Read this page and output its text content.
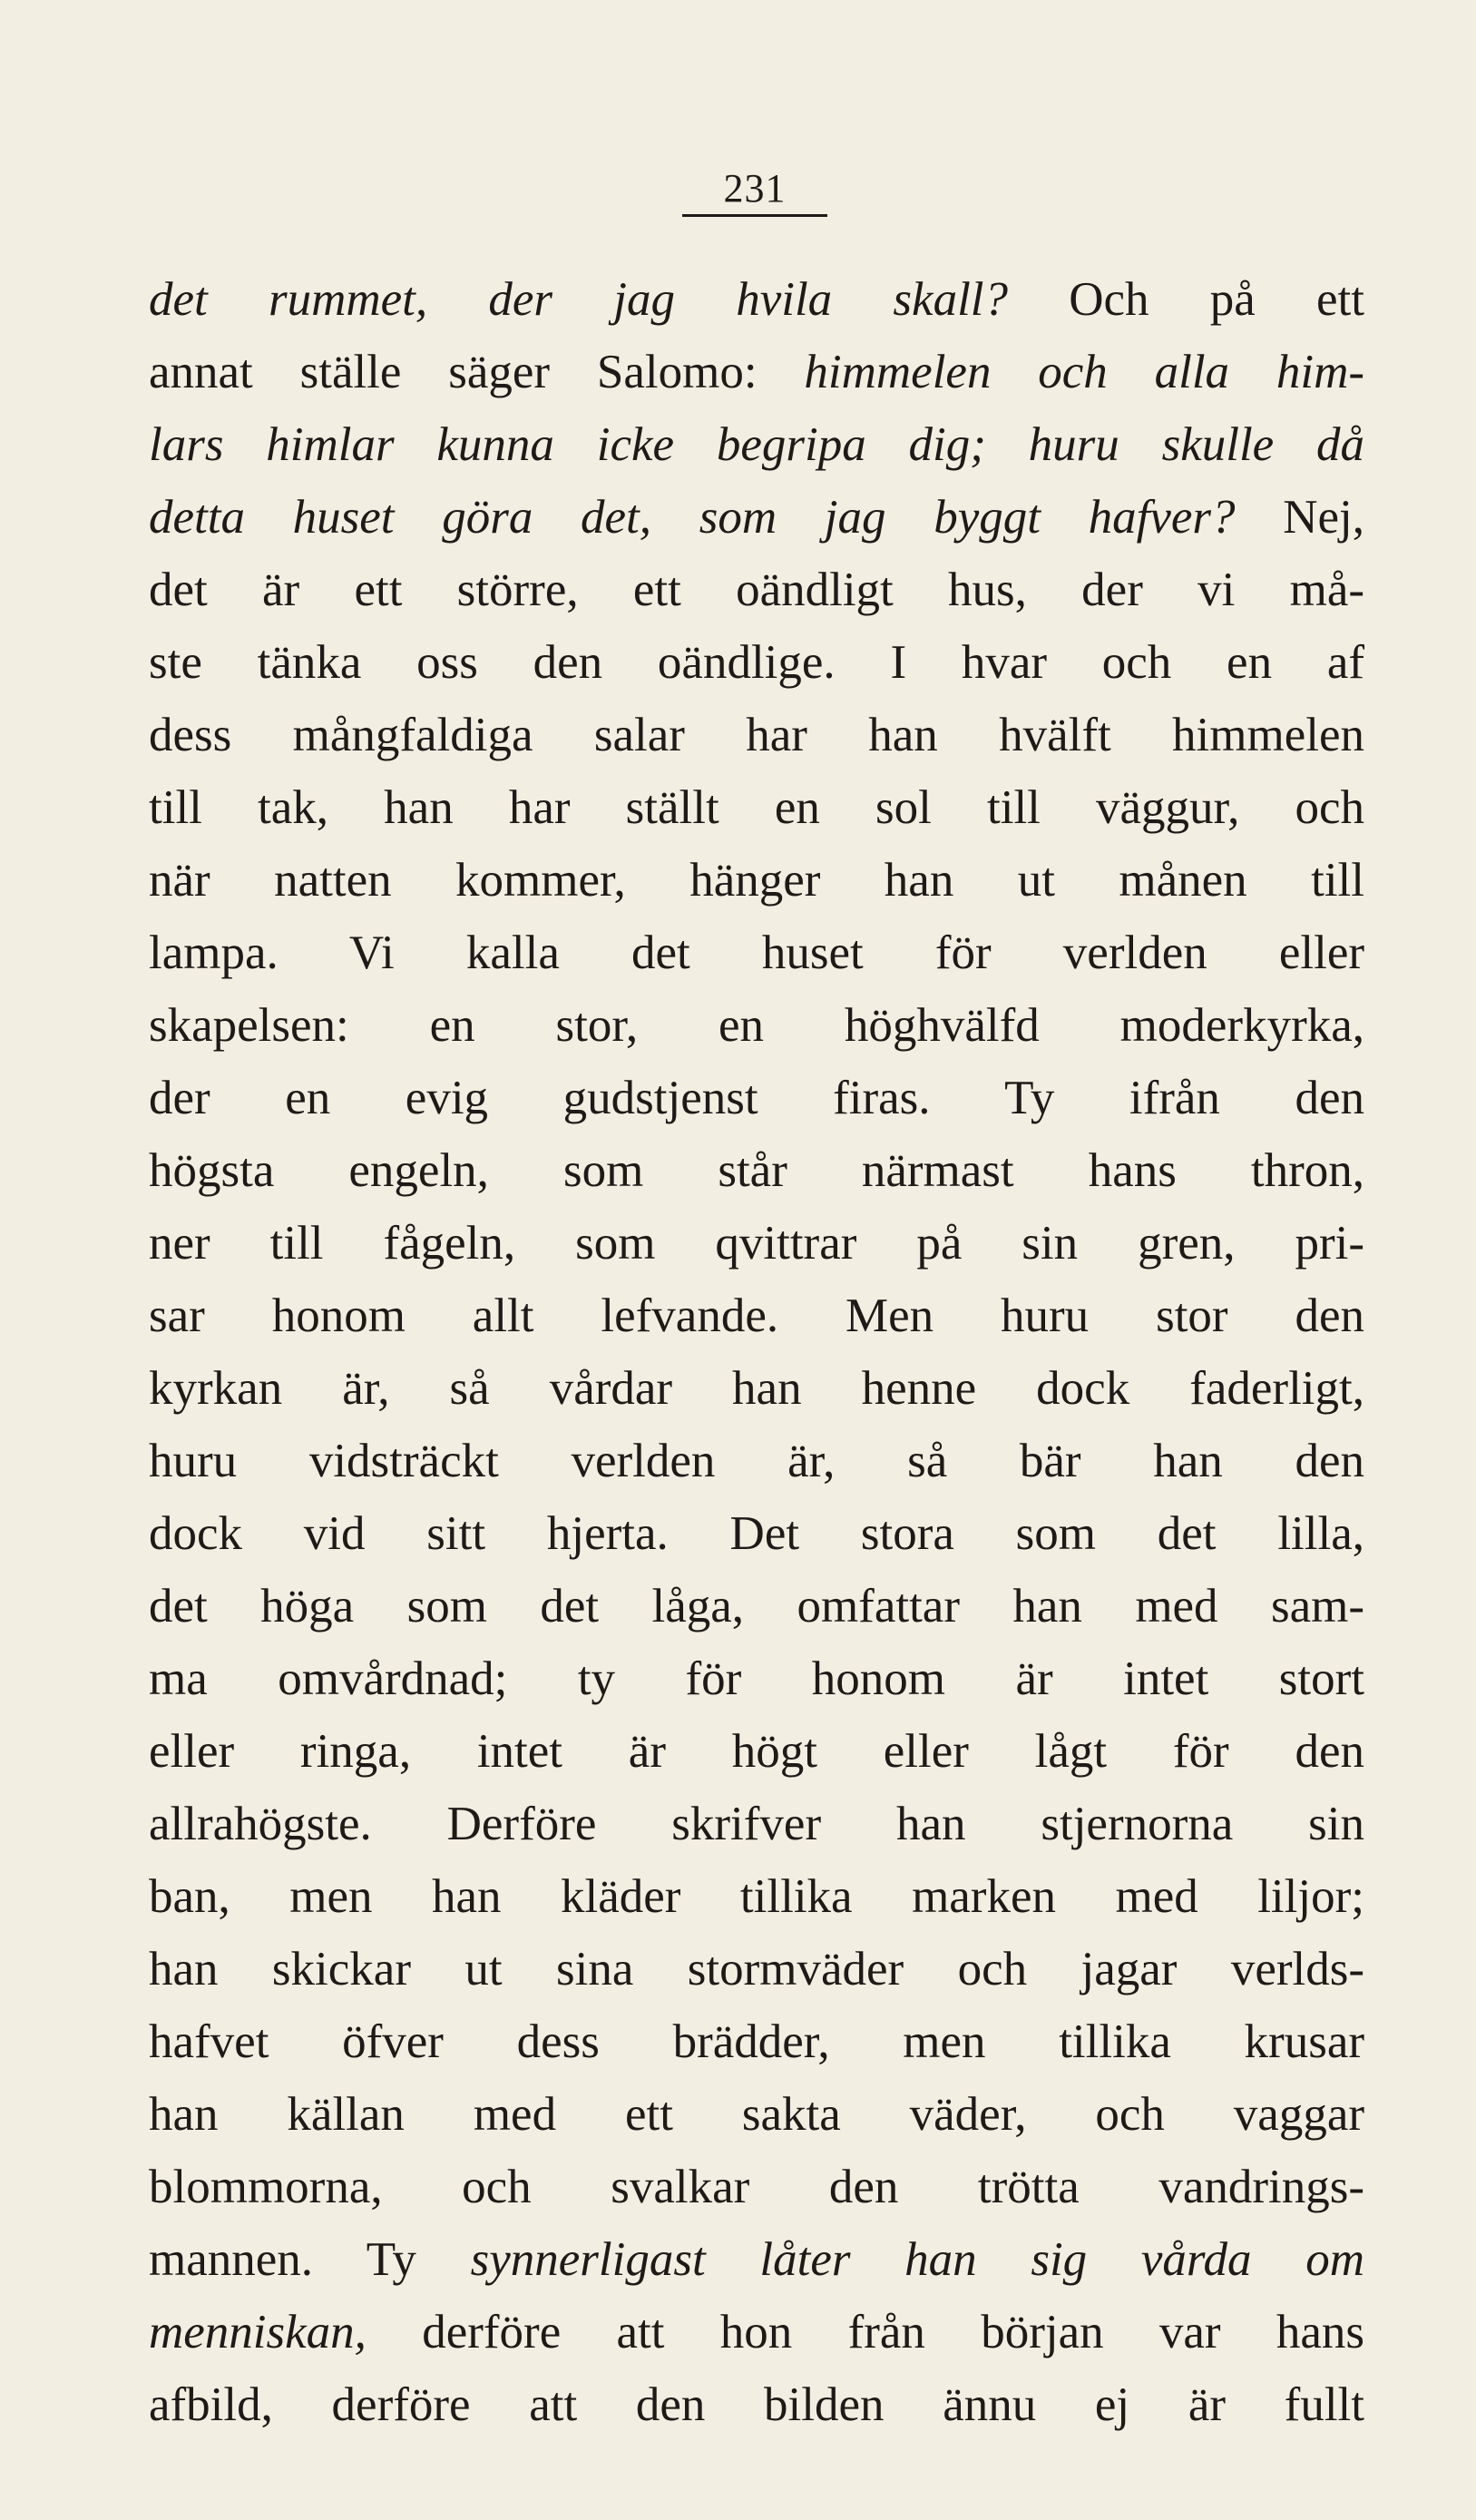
231
det rummet, der jag hvila skall? Och på ett
annat ställe säger Salomo: himmelen och alla him-
lars himlar kunna icke begripa dig; huru skulle då
detta huset göra det, som jag byggt hafver? Nej,
det är ett större, ett oändligt hus, der vi må-
ste tänka oss den oändlige. I hvar och en af
dess mångfaldiga salar har han hvälft himmelen
till tak, han har ställt en sol till väggur, och
när natten kommer, hänger han ut månen till
lampa. Vi kalla det huset för verlden eller
skapelsen: en stor, en höghvälfd moderkyrka,
der en evig gudstjenst firas. Ty ifrån den
högsta engeln, som står närmast hans thron,
ner till fågeln, som qvittrar på sin gren, pri-
sar honom allt lefvande. Men huru stor den
kyrkan är, så vårdar han henne dock faderligt,
huru vidsträckt verlden är, så bär han den
dock vid sitt hjerta. Det stora som det lilla,
det höga som det låga, omfattar han med sam-
ma omvårdnad; ty för honom är intet stort
eller ringa, intet är högt eller lågt för den
allrahögste. Derföre skrifver han stjernorna sin
ban, men han kläder tillika marken med liljor;
han skickar ut sina stormväder och jagar verlds-
hafvet öfver dess brädder, men tillika krusar
han källan med ett sakta väder, och vaggar
blommorna, och svalkar den trötta vandrings-
mannen. Ty synnerligast låter han sig vårda om
menniskan, derföre att hon från början var hans
afbild, derföre att den bilden ännu ej är fullt
